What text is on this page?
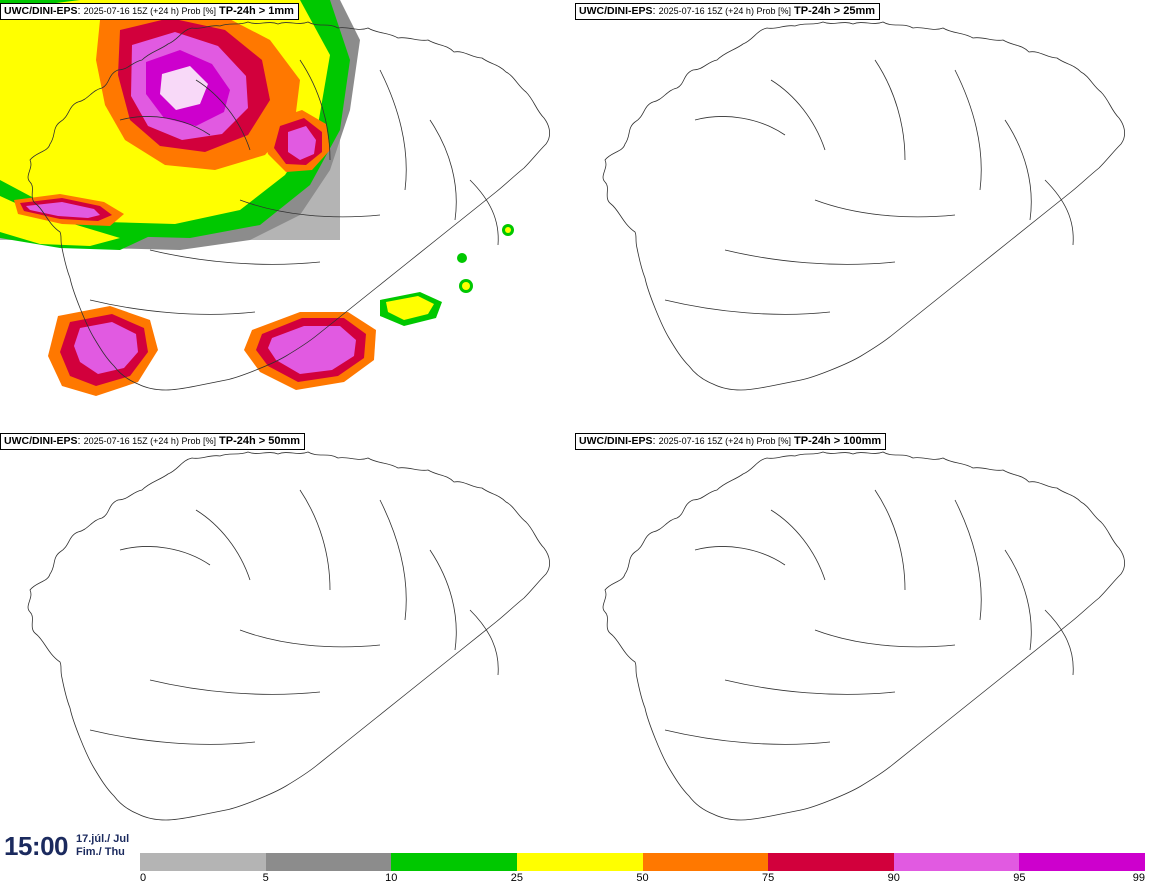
UWC/DINI-EPS: 2025-07-16 15Z (+24 h) Prob [%] TP-24h > 1mm	UWC/DINI-EPS: 2025-07-16 15Z (+24 h) Prob [%] TP-24h > 25mm
UWC/DINI-EPS: 2025-07-16 15Z (+24 h) Prob [%] TP-24h > 50mm	UWC/DINI-EPS: 2025-07-16 15Z (+24 h) Prob [%] TP-24h > 100mm
15:00 17.júl./ Jul
Fim./ Thu
0	5	10	25	50	75	90	95	99
